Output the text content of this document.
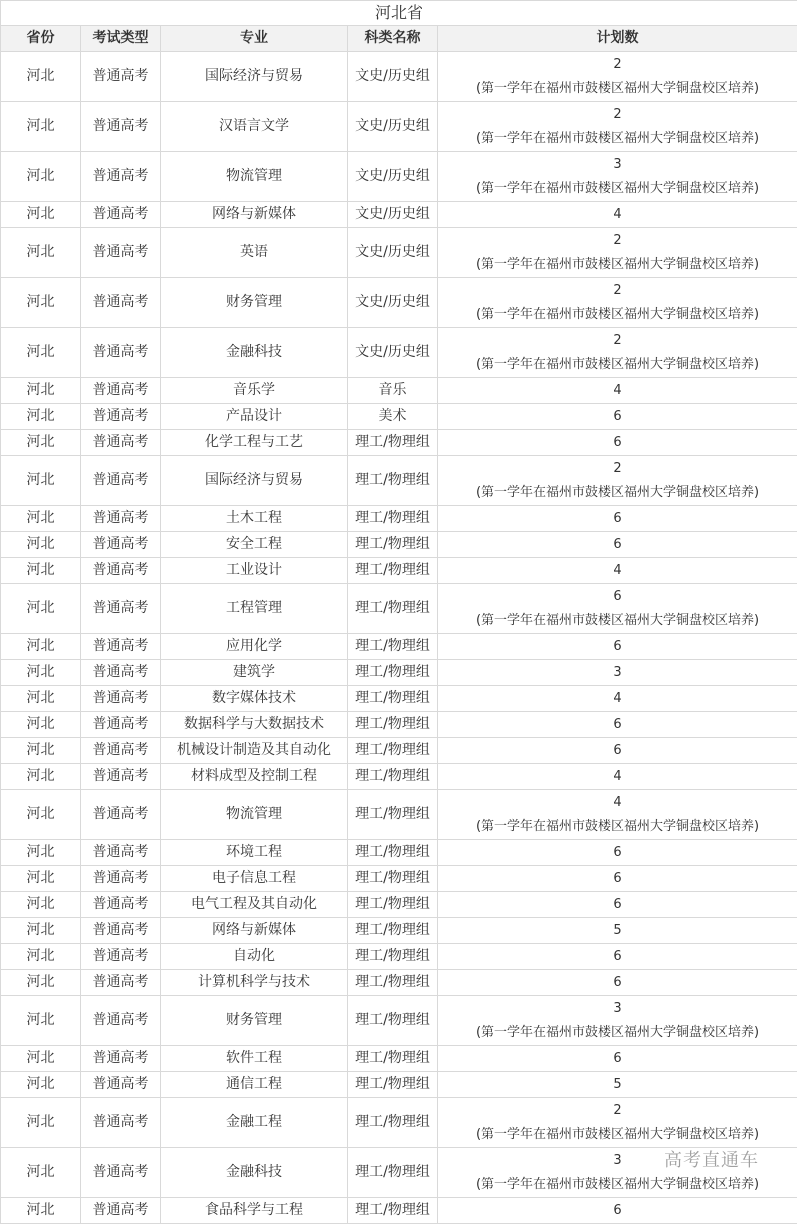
河北省				
省份	考试类型	专业	科类名称	计划数
河北	普通高考	国际经济与贸易	文史/历史组	2
(第一学年在福州市鼓楼区福州大学铜盘校区培养)

河北	普通高考	汉语言文学	文史/历史组	2
(第一学年在福州市鼓楼区福州大学铜盘校区培养)

河北	普通高考	物流管理	文史/历史组	3
(第一学年在福州市鼓楼区福州大学铜盘校区培养)

河北	普通高考	网络与新媒体	文史/历史组	4

河北	普通高考	英语	文史/历史组	2
(第一学年在福州市鼓楼区福州大学铜盘校区培养)

河北	普通高考	财务管理	文史/历史组	2
(第一学年在福州市鼓楼区福州大学铜盘校区培养)

河北	普通高考	金融科技	文史/历史组	2
(第一学年在福州市鼓楼区福州大学铜盘校区培养)

河北	普通高考	音乐学	音乐	4

河北	普通高考	产品设计	美术	6

河北	普通高考	化学工程与工艺	理工/物理组	6

河北	普通高考	国际经济与贸易	理工/物理组	2
(第一学年在福州市鼓楼区福州大学铜盘校区培养)

河北	普通高考	土木工程	理工/物理组	6

河北	普通高考	安全工程	理工/物理组	6

河北	普通高考	工业设计	理工/物理组	4

河北	普通高考	工程管理	理工/物理组	6
(第一学年在福州市鼓楼区福州大学铜盘校区培养)

河北	普通高考	应用化学	理工/物理组	6

河北	普通高考	建筑学	理工/物理组	3

河北	普通高考	数字媒体技术	理工/物理组	4

河北	普通高考	数据科学与大数据技术	理工/物理组	6

河北	普通高考	机械设计制造及其自动化	理工/物理组	6

河北	普通高考	材料成型及控制工程	理工/物理组	4

河北	普通高考	物流管理	理工/物理组	4
(第一学年在福州市鼓楼区福州大学铜盘校区培养)

河北	普通高考	环境工程	理工/物理组	6

河北	普通高考	电子信息工程	理工/物理组	6

河北	普通高考	电气工程及其自动化	理工/物理组	6

河北	普通高考	网络与新媒体	理工/物理组	5

河北	普通高考	自动化	理工/物理组	6

河北	普通高考	计算机科学与技术	理工/物理组	6

河北	普通高考	财务管理	理工/物理组	3
(第一学年在福州市鼓楼区福州大学铜盘校区培养)

河北	普通高考	软件工程	理工/物理组	6

河北	普通高考	通信工程	理工/物理组	5

河北	普通高考	金融工程	理工/物理组	2
(第一学年在福州市鼓楼区福州大学铜盘校区培养)

河北	普通高考	金融科技	理工/物理组	3
(第一学年在福州市鼓楼区福州大学铜盘校区培养)

河北	普通高考	食品科学与工程	理工/物理组	6
高考直通车
